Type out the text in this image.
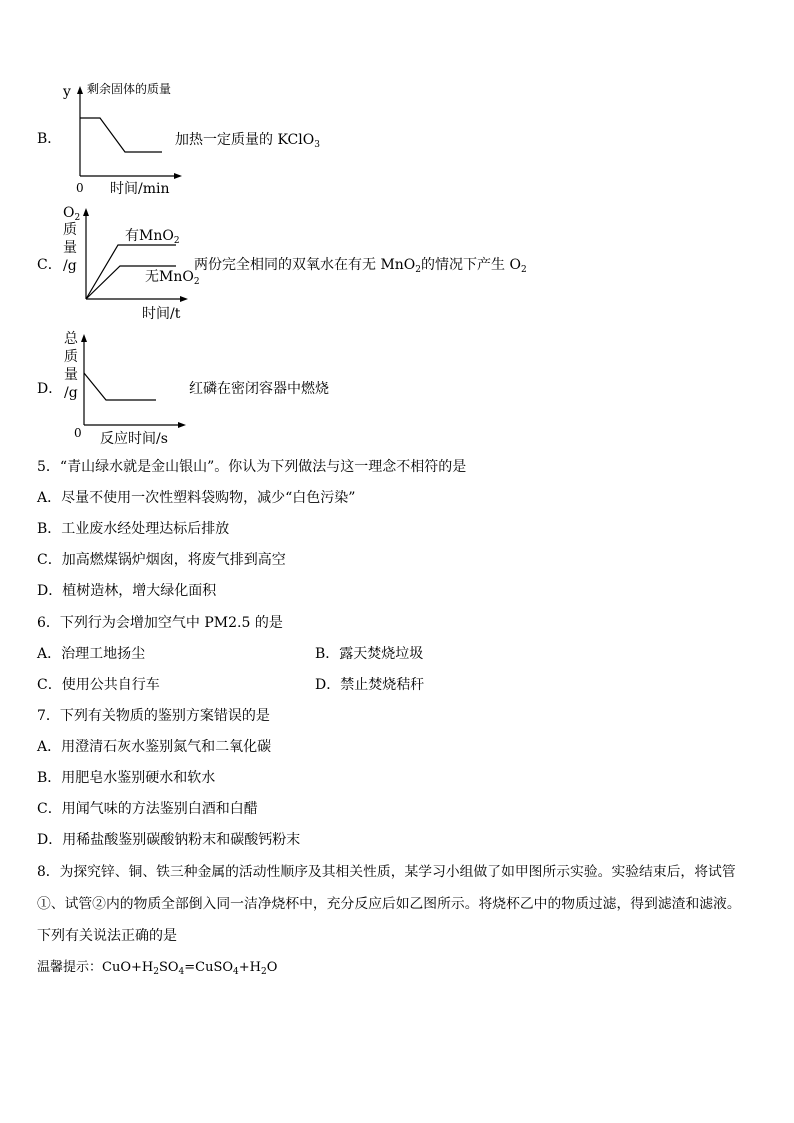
B．
y 剩余固体的质量
0 时间/min
加热一定质量的 KClO$_3$
C．
$O_2$
质
量
/g
有MnO$_2$
无MnO$_2$
时间/t
两份完全相同的双氧水在有无 MnO$_2$的情况下产生 $O_2$
D．
总
质
量
/g
0 反应时间/s
红磷在密闭容器中燃烧
5．“青山绿水就是金山银山”。你认为下列做法与这一理念不相符的是
A．尽量不使用一次性塑料袋购物，减少“白色污染”
B．工业废水经处理达标后排放
C．加高燃煤锅炉烟囱，将废气排到高空
D．植树造林，增大绿化面积
6．下列行为会增加空气中 PM2.5 的是
A．治理工地扬尘	B．露天焚烧垃圾
C．使用公共自行车	D．禁止焚烧秸秆
7．下列有关物质的鉴别方案错误的是
A．用澄清石灰水鉴别氮气和二氧化碳
B．用肥皂水鉴别硬水和软水
C．用闻气味的方法鉴别白酒和白醋
D．用稀盐酸鉴别碳酸钠粉末和碳酸钙粉末
8．为探究锌、铜、铁三种金属的活动性顺序及其相关性质，某学习小组做了如甲图所示实验。实验结束后，将试管
①、试管②内的物质全部倒入同一洁净烧杯中，充分反应后如乙图所示。将烧杯乙中的物质过滤，得到滤渣和滤液。
下列有关说法正确的是
温馨提示：$CuO+H_2SO_4=CuSO_4+H_2O$
